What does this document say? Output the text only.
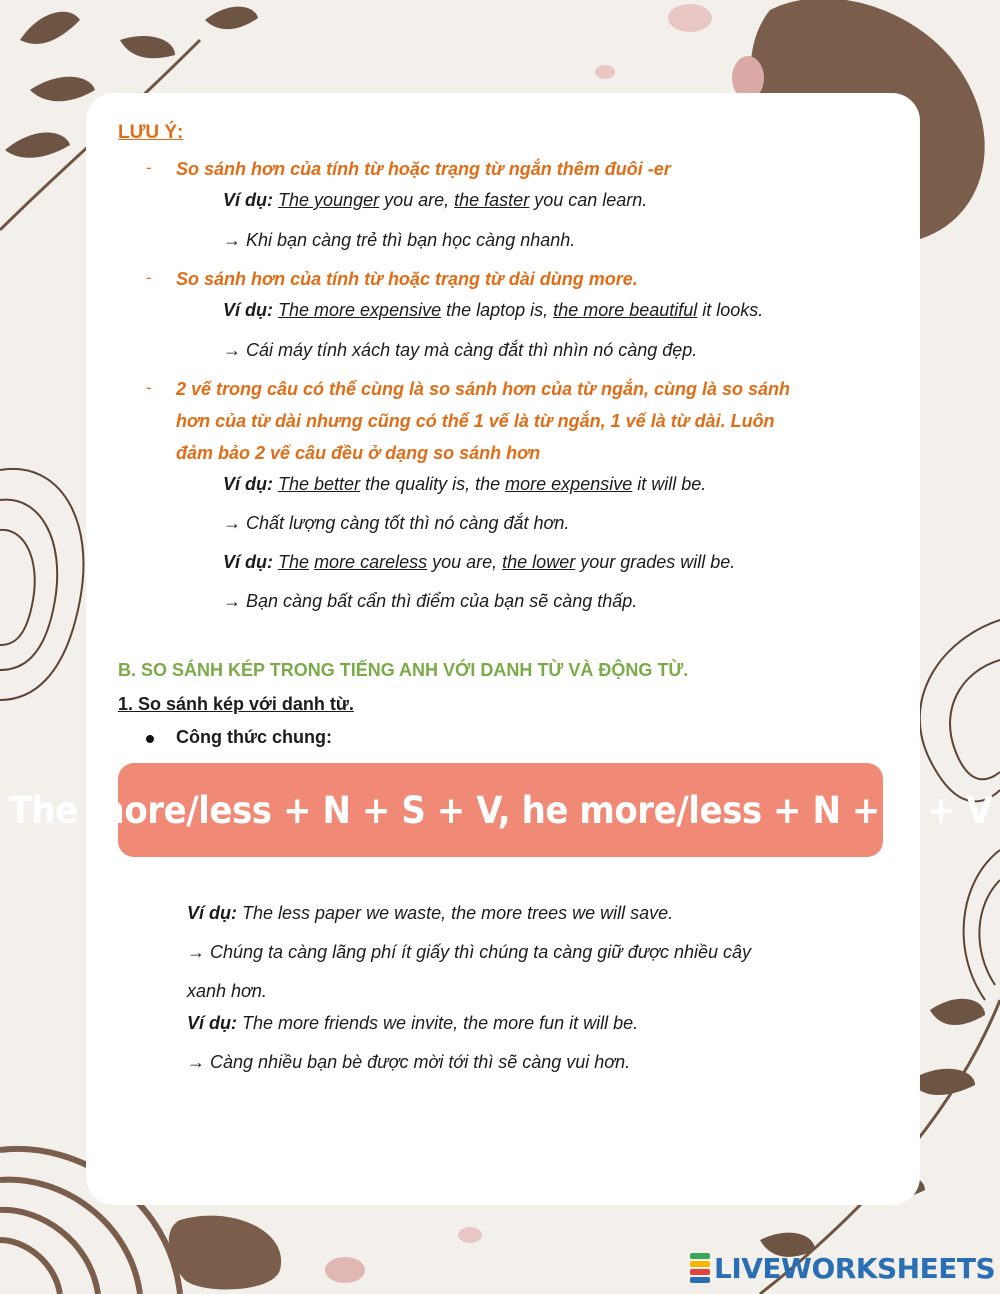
LƯU Ý:
- So sánh hơn của tính từ hoặc trạng từ ngắn thêm đuôi -er
Ví dụ: The younger you are, the faster you can learn.
→ Khi bạn càng trẻ thì bạn học càng nhanh.
- So sánh hơn của tính từ hoặc trạng từ dài dùng more.
Ví dụ: The more expensive the laptop is, the more beautiful it looks.
→ Cái máy tính xách tay mà càng đắt thì nhìn nó càng đẹp.
- 2 vế trong câu có thể cùng là so sánh hơn của từ ngắn, cùng là so sánh
hơn của từ dài nhưng cũng có thể 1 vế là từ ngắn, 1 vế là từ dài. Luôn
đảm bảo 2 vế câu đều ở dạng so sánh hơn
Ví dụ: The better the quality is, the more expensive it will be.
→ Chất lượng càng tốt thì nó càng đắt hơn.
Ví dụ: The more careless you are, the lower your grades will be.
→ Bạn càng bất cẩn thì điểm của bạn sẽ càng thấp.
B. SO SÁNH KÉP TRONG TIẾNG ANH VỚI DANH TỪ VÀ ĐỘNG TỪ.
1. So sánh kép với danh từ.
Công thức chung:
The more/less + N + S + V, he more/less + N + S + V
Ví dụ: The less paper we waste, the more trees we will save.
→ Chúng ta càng lãng phí ít giấy thì chúng ta càng giữ được nhiều cây
xanh hơn.
Ví dụ: The more friends we invite, the more fun it will be.
→ Càng nhiều bạn bè được mời tới thì sẽ càng vui hơn.
LIVEWORKSHEETS
